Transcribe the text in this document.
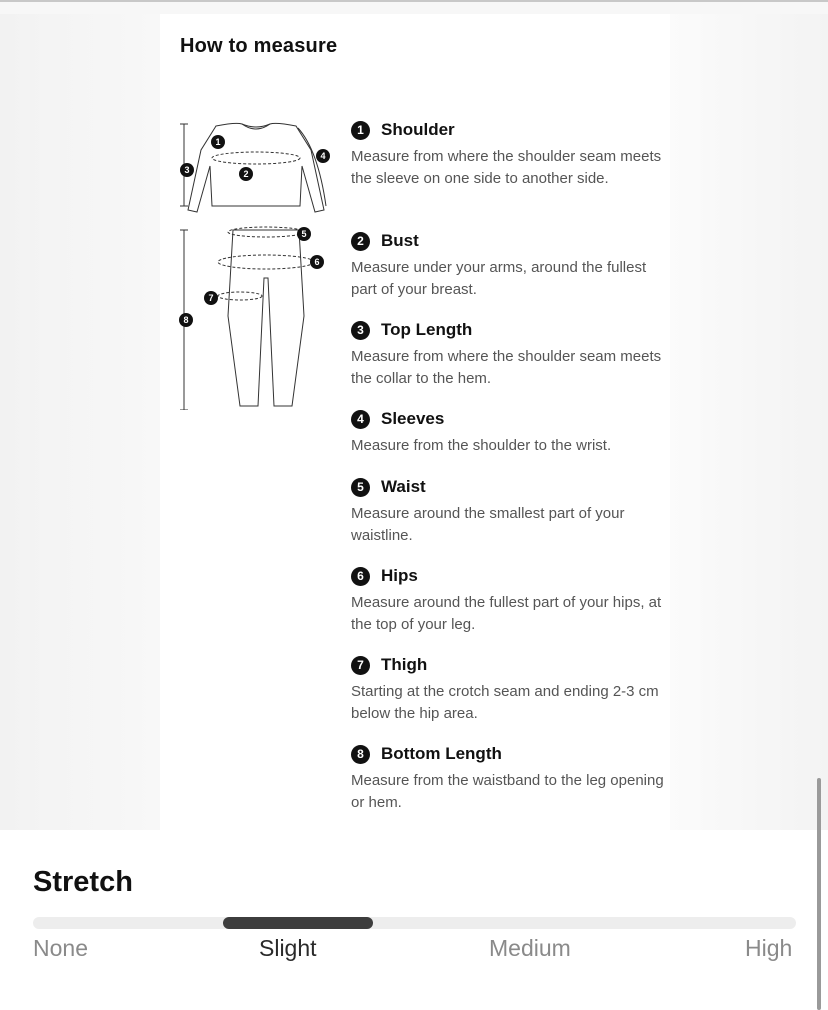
How to measure
1
2
3
4
5
6
7
8
1	Shoulder
Measure from where the shoulder seam meets the sleeve on one side to another side.
2	Bust
Measure under your arms, around the fullest part of your breast.
3	Top Length
Measure from where the shoulder seam meets the collar to the hem.
4	Sleeves
Measure from the shoulder to the wrist.
5	Waist
Measure around the smallest part of your waistline.
6	Hips
Measure around the fullest part of your hips, at the top of your leg.
7	Thigh
Starting at the crotch seam and ending 2-3 cm below the hip area.
8	Bottom Length
Measure from the waistband to the leg opening or hem.
Stretch
None	Slight	Medium	High
